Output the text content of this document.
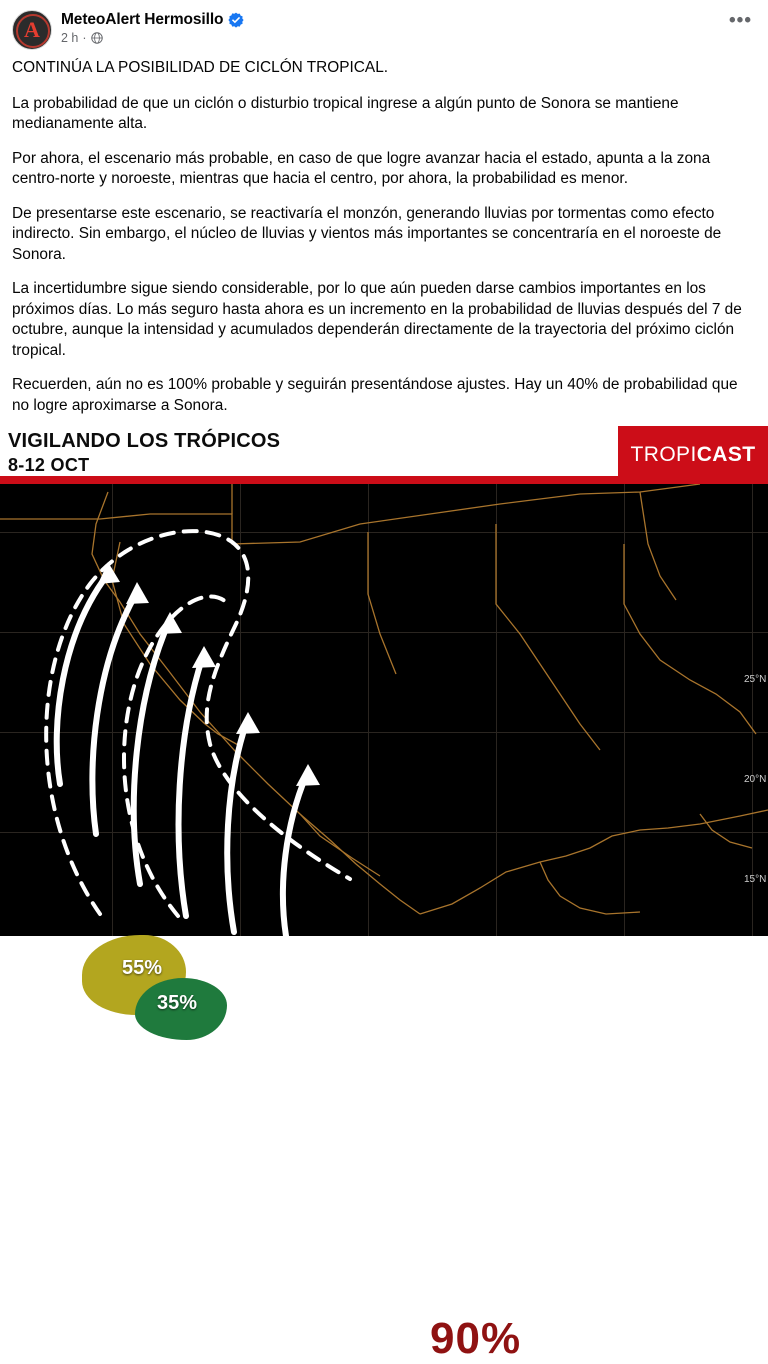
A	MeteoAlert Hermosillo
2 h ·
•••

CONTINÚA LA POSIBILIDAD DE CICLÓN TROPICAL.

La probabilidad de que un ciclón o disturbio tropical ingrese a algún punto de Sonora se mantiene medianamente alta.

Por ahora, el escenario más probable, en caso de que logre avanzar hacia el estado, apunta a la zona centro-norte y noroeste, mientras que hacia el centro, por ahora, la probabilidad es menor.

De presentarse este escenario, se reactivaría el monzón, generando lluvias por tormentas como efecto indirecto. Sin embargo, el núcleo de lluvias y vientos más importantes se concentraría en el noroeste de Sonora.

La incertidumbre sigue siendo considerable, por lo que aún pueden darse cambios importantes en los próximos días. Lo más seguro hasta ahora es un incremento en la probabilidad de lluvias después del 7 de octubre, aunque la intensidad y acumulados dependerán directamente de la trayectoria del próximo ciclón tropical.

Recuerden, aún no es 100% probable y seguirán presentándose ajustes. Hay un 40% de probabilidad que no logre aproximarse a Sonora.

25°N
20°N
15°N
55%
35%
90%
METEOALERT®
VIGILANDO LOS TRÓPICOS
8-12 OCT	TROPI CAST
